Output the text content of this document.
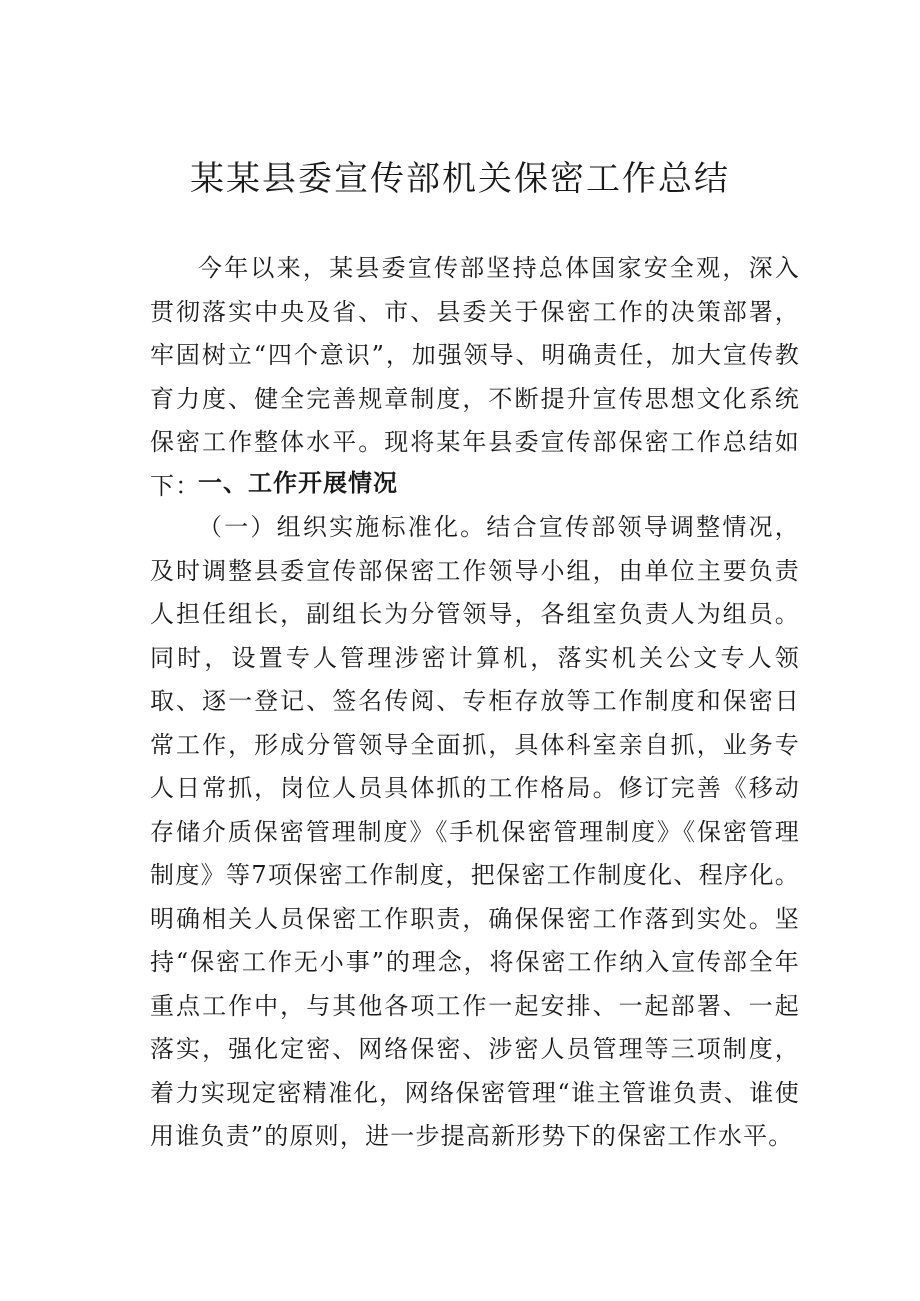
某某县委宣传部机关保密工作总结

今年以来，某县委宣传部坚持总体国家安全观，深入贯彻落实中央及省、市、县委关于保密工作的决策部署，牢固树立“四个意识”，加强领导、明确责任，加大宣传教育力度、健全完善规章制度，不断提升宣传思想文化系统保密工作整体水平。现将某年县委宣传部保密工作总结如下：

一、工作开展情况

（一）组织实施标准化。结合宣传部领导调整情况，及时调整县委宣传部保密工作领导小组，由单位主要负责人担任组长，副组长为分管领导，各组室负责人为组员。同时，设置专人管理涉密计算机，落实机关公文专人领取、逐一登记、签名传阅、专柜存放等工作制度和保密日常工作，形成分管领导全面抓，具体科室亲自抓，业务专人日常抓，岗位人员具体抓的工作格局。修订完善《移动存储介质保密管理制度》《手机保密管理制度》《保密管理制度》等7项保密工作制度，把保密工作制度化、程序化。明确相关人员保密工作职责，确保保密工作落到实处。坚持“保密工作无小事”的理念，将保密工作纳入宣传部全年重点工作中，与其他各项工作一起安排、一起部署、一起落实，强化定密、网络保密、涉密人员管理等三项制度，着力实现定密精准化，网络保密管理“谁主管谁负责、谁使用谁负责”的原则，进一步提高新形势下的保密工作水平。
